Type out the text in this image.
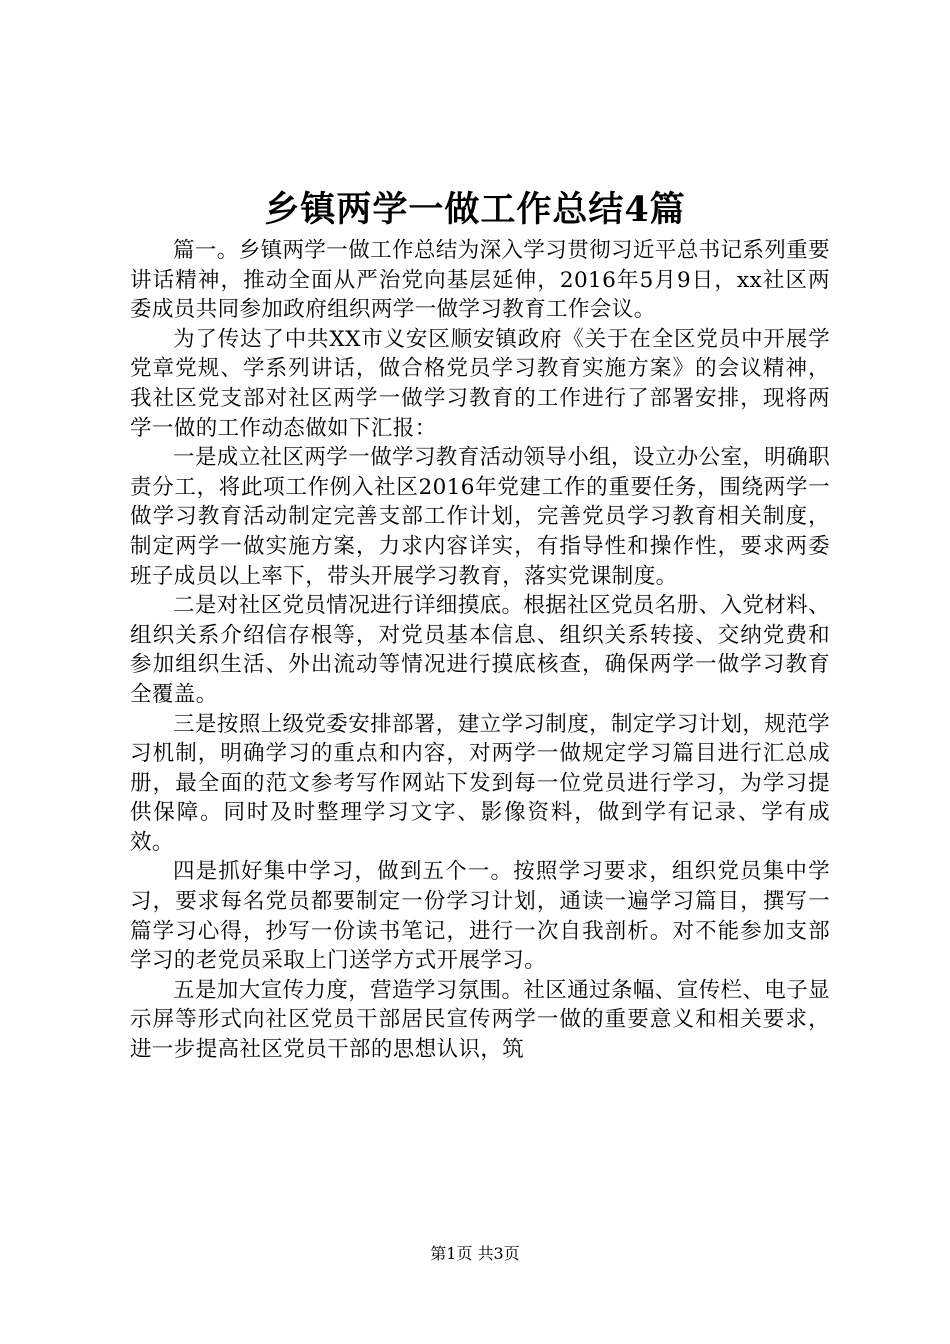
乡镇两学一做工作总结4篇

篇一。乡镇两学一做工作总结为深入学习贯彻习近平总书记系列重要讲话精神，推动全面从严治党向基层延伸，2016年5月9日，xx社区两委成员共同参加政府组织两学一做学习教育工作会议。

为了传达了中共XX市义安区顺安镇政府《关于在全区党员中开展学党章党规、学系列讲话，做合格党员学习教育实施方案》的会议精神，我社区党支部对社区两学一做学习教育的工作进行了部署安排，现将两学一做的工作动态做如下汇报：

一是成立社区两学一做学习教育活动领导小组，设立办公室，明确职责分工，将此项工作例入社区2016年党建工作的重要任务，围绕两学一做学习教育活动制定完善支部工作计划，完善党员学习教育相关制度，制定两学一做实施方案，力求内容详实，有指导性和操作性，要求两委班子成员以上率下，带头开展学习教育，落实党课制度。

二是对社区党员情况进行详细摸底。根据社区党员名册、入党材料、组织关系介绍信存根等，对党员基本信息、组织关系转接、交纳党费和参加组织生活、外出流动等情况进行摸底核查，确保两学一做学习教育全覆盖。

三是按照上级党委安排部署，建立学习制度，制定学习计划，规范学习机制，明确学习的重点和内容，对两学一做规定学习篇目进行汇总成册，最全面的范文参考写作网站下发到每一位党员进行学习，为学习提供保障。同时及时整理学习文字、影像资料，做到学有记录、学有成效。

四是抓好集中学习，做到五个一。按照学习要求，组织党员集中学习，要求每名党员都要制定一份学习计划，通读一遍学习篇目，撰写一篇学习心得，抄写一份读书笔记，进行一次自我剖析。对不能参加支部学习的老党员采取上门送学方式开展学习。

五是加大宣传力度，营造学习氛围。社区通过条幅、宣传栏、电子显示屏等形式向社区党员干部居民宣传两学一做的重要意义和相关要求，进一步提高社区党员干部的思想认识，筑

第1页 共3页
